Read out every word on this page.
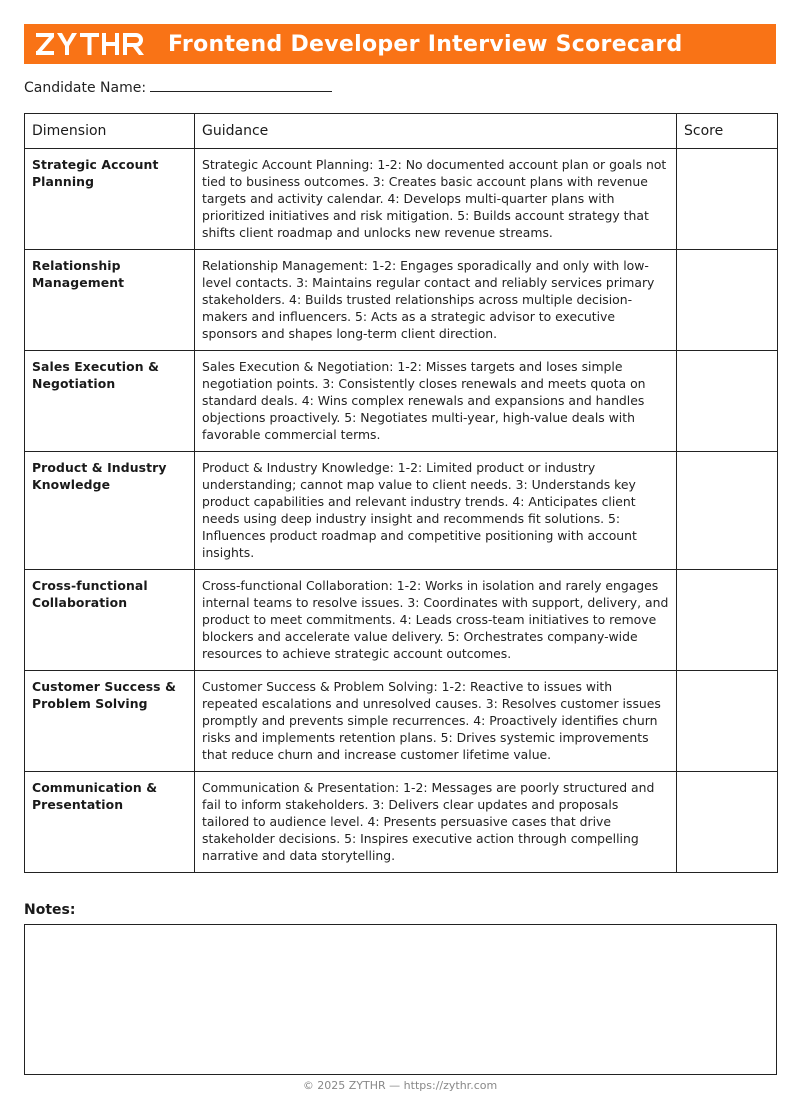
Frontend Developer Interview Scorecard
Candidate Name:
Dimension	Guidance	Score
Strategic Account Planning	Strategic Account Planning: 1-2: No documented account plan or goals not tied to business outcomes. 3: Creates basic account plans with revenue targets and activity calendar. 4: Develops multi-quarter plans with prioritized initiatives and risk mitigation. 5: Builds account strategy that shifts client roadmap and unlocks new revenue streams.	
Relationship Management	Relationship Management: 1-2: Engages sporadically and only with low-level contacts. 3: Maintains regular contact and reliably services primary stakeholders. 4: Builds trusted relationships across multiple decision-makers and influencers. 5: Acts as a strategic advisor to executive sponsors and shapes long-term client direction.	
Sales Execution & Negotiation	Sales Execution & Negotiation: 1-2: Misses targets and loses simple negotiation points. 3: Consistently closes renewals and meets quota on standard deals. 4: Wins complex renewals and expansions and handles objections proactively. 5: Negotiates multi-year, high-value deals with favorable commercial terms.	
Product & Industry Knowledge	Product & Industry Knowledge: 1-2: Limited product or industry understanding; cannot map value to client needs. 3: Understands key product capabilities and relevant industry trends. 4: Anticipates client needs using deep industry insight and recommends fit solutions. 5: Influences product roadmap and competitive positioning with account insights.	
Cross-functional Collaboration	Cross-functional Collaboration: 1-2: Works in isolation and rarely engages internal teams to resolve issues. 3: Coordinates with support, delivery, and product to meet commitments. 4: Leads cross-team initiatives to remove blockers and accelerate value delivery. 5: Orchestrates company-wide resources to achieve strategic account outcomes.	
Customer Success & Problem Solving	Customer Success & Problem Solving: 1-2: Reactive to issues with repeated escalations and unresolved causes. 3: Resolves customer issues promptly and prevents simple recurrences. 4: Proactively identifies churn risks and implements retention plans. 5: Drives systemic improvements that reduce churn and increase customer lifetime value.	
Communication & Presentation	Communication & Presentation: 1-2: Messages are poorly structured and fail to inform stakeholders. 3: Delivers clear updates and proposals tailored to audience level. 4: Presents persuasive cases that drive stakeholder decisions. 5: Inspires executive action through compelling narrative and data storytelling.	
Notes:
© 2025 ZYTHR — https://zythr.com
